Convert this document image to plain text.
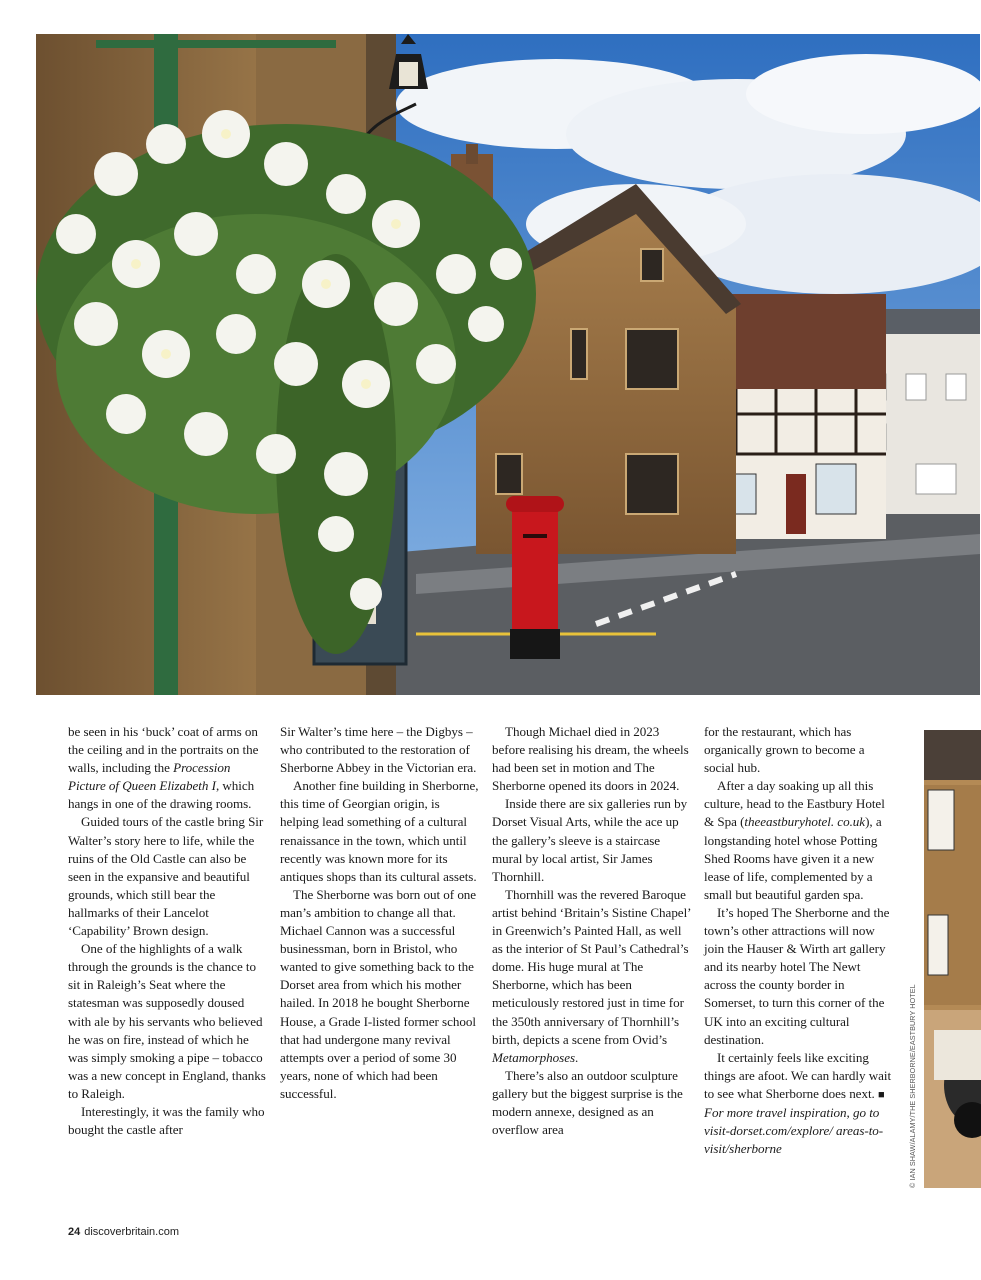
be seen in his ‘buck’ coat of arms on the ceiling and in the portraits on the walls, including the Procession Picture of Queen Elizabeth I, which hangs in one of the drawing rooms.

Guided tours of the castle bring Sir Walter’s story here to life, while the ruins of the Old Castle can also be seen in the expansive and beautiful grounds, which still bear the hallmarks of their Lancelot ‘Capability’ Brown design.

One of the highlights of a walk through the grounds is the chance to sit in Raleigh’s Seat where the statesman was supposedly doused with ale by his servants who believed he was on fire, instead of which he was simply smoking a pipe – tobacco was a new concept in England, thanks to Raleigh.

Interestingly, it was the family who bought the castle after

Sir Walter’s time here – the Digbys – who contributed to the restoration of Sherborne Abbey in the Victorian era.

Another fine building in Sherborne, this time of Georgian origin, is helping lead something of a cultural renaissance in the town, which until recently was known more for its antiques shops than its cultural assets.

The Sherborne was born out of one man’s ambition to change all that. Michael Cannon was a successful businessman, born in Bristol, who wanted to give something back to the Dorset area from which his mother hailed. In 2018 he bought Sherborne House, a Grade I-listed former school that had undergone many revival attempts over a period of some 30 years, none of which had been successful.

Though Michael died in 2023 before realising his dream, the wheels had been set in motion and The Sherborne opened its doors in 2024.

Inside there are six galleries run by Dorset Visual Arts, while the ace up the gallery’s sleeve is a staircase mural by local artist, Sir James Thornhill.

Thornhill was the revered Baroque artist behind ‘Britain’s Sistine Chapel’ in Greenwich’s Painted Hall, as well as the interior of St Paul’s Cathedral’s dome. His huge mural at The Sherborne, which has been meticulously restored just in time for the 350th anniversary of Thornhill’s birth, depicts a scene from Ovid’s Metamorphoses.

There’s also an outdoor sculpture gallery but the biggest surprise is the modern annexe, designed as an overflow area

for the restaurant, which has organically grown to become a social hub.

After a day soaking up all this culture, head to the Eastbury Hotel & Spa (theeastburyhotel. co.uk), a longstanding hotel whose Potting Shed Rooms have given it a new lease of life, complemented by a small but beautiful garden spa.

It’s hoped The Sherborne and the town’s other attractions will now join the Hauser & Wirth art gallery and its nearby hotel The Newt across the county border in Somerset, to turn this corner of the UK into an exciting cultural destination.

It certainly feels like exciting things are afoot. We can hardly wait to see what Sherborne does next. ■

For more travel inspiration, go to visit-dorset.com/explore/ areas-to-visit/sherborne	© IAN SHAW/ALAMY/THE SHERBORNE/EASTBURY HOTEL
24 discoverbritain.com
